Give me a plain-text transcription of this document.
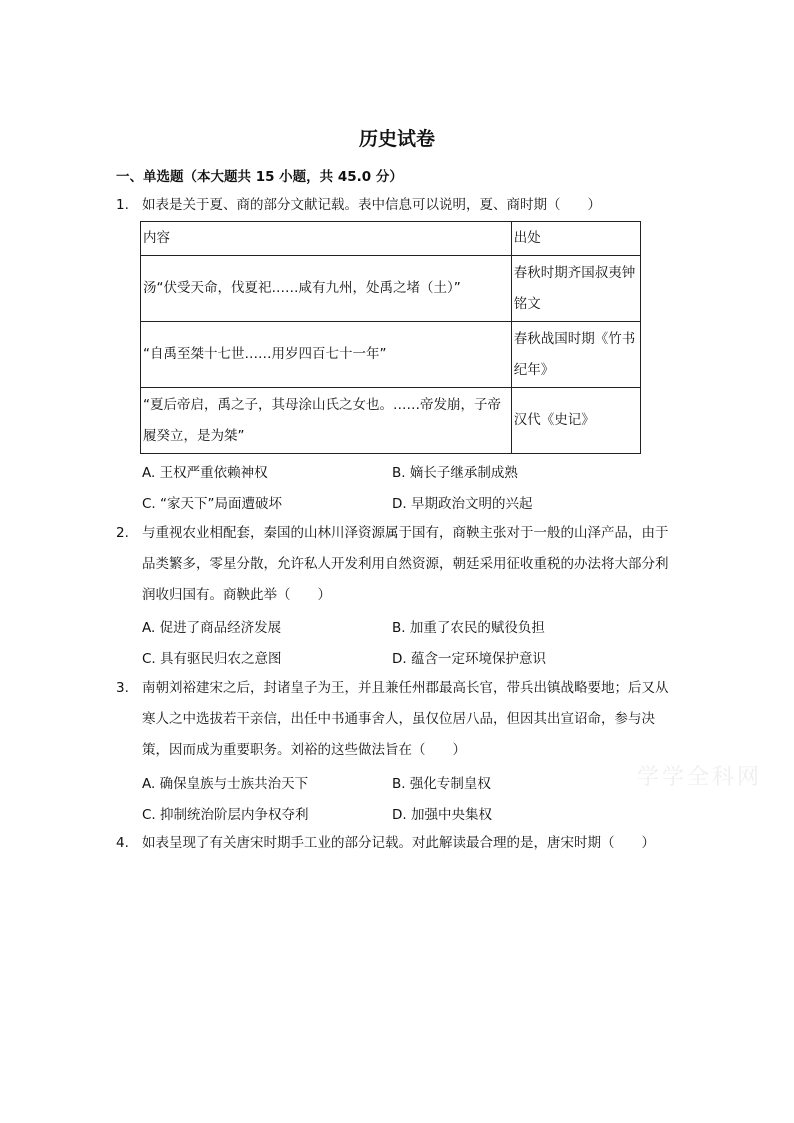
历史试卷
一、单选题（本大题共 15 小题，共 45.0 分）
1. 如表是关于夏、商的部分文献记载。表中信息可以说明，夏、商时期（　　）
内容	出处
汤“伏受天命，伐夏祀……咸有九州，处禹之堵（土）”	春秋时期齐国叔夷钟铭文
“自禹至桀十七世……用岁四百七十一年”	春秋战国时期《竹书纪年》
“夏后帝启，禹之子，其母涂山氏之女也。……帝发崩，子帝履癸立，是为桀”	汉代《史记》
A. 王权严重依赖神权	B. 嫡长子继承制成熟
C. “家天下”局面遭破坏	D. 早期政治文明的兴起
2. 与重视农业相配套，秦国的山林川泽资源属于国有，商鞅主张对于一般的山泽产品，由于品类繁多，零星分散，允许私人开发利用自然资源，朝廷采用征收重税的办法将大部分利润收归国有。商鞅此举（　　）
A. 促进了商品经济发展	B. 加重了农民的赋役负担
C. 具有驱民归农之意图	D. 蕴含一定环境保护意识
3. 南朝刘裕建宋之后，封诸皇子为王，并且兼任州郡最高长官，带兵出镇战略要地；后又从寒人之中选拔若干亲信，出任中书通事舍人，虽仅位居八品，但因其出宣诏命，参与决策，因而成为重要职务。刘裕的这些做法旨在（　　）
A. 确保皇族与士族共治天下	B. 强化专制皇权
C. 抑制统治阶层内争权夺利	D. 加强中央集权
4. 如表呈现了有关唐宋时期手工业的部分记载。对此解读最合理的是，唐宋时期（　　）
学学全科网
